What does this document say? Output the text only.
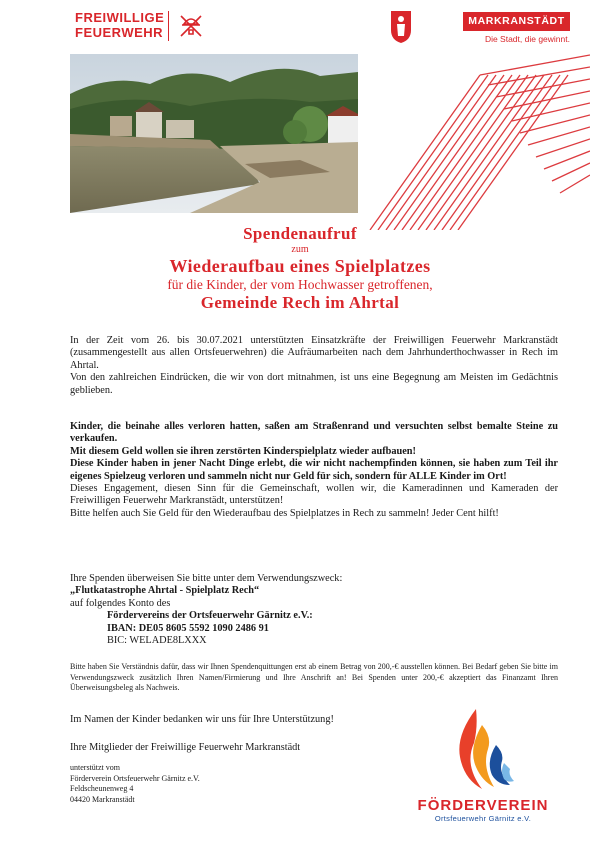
FREIWILLIGE
FEUERWEHR
MARKRANSTÄDT
Die Stadt, die gewinnt.
Spendenaufruf
zum
Wiederaufbau eines Spielplatzes
für die Kinder, der vom Hochwasser getroffenen,
Gemeinde Rech im Ahrtal

In der Zeit vom 26. bis 30.07.2021 unterstützten Einsatzkräfte der Freiwilligen Feuerwehr Markranstädt (zusammengestellt aus allen Ortsfeuerwehren) die Aufräumarbeiten nach dem Jahrhunderthochwasser in Rech im Ahrtal.

Von den zahlreichen Eindrücken, die wir von dort mitnahmen, ist uns eine Begegnung am Meisten im Gedächtnis geblieben.

Kinder, die beinahe alles verloren hatten, saßen am Straßenrand und versuchten selbst bemalte Steine zu verkaufen.

Mit diesem Geld wollen sie ihren zerstörten Kinderspielplatz wieder aufbauen!

Diese Kinder haben in jener Nacht Dinge erlebt, die wir nicht nachempfinden können, sie haben zum Teil ihr eigenes Spielzeug verloren und sammeln nicht nur Geld für sich, sondern für ALLE Kinder im Ort!

Dieses Engagement, diesen Sinn für die Gemeinschaft, wollen wir, die Kameradinnen und Kameraden der Freiwilligen Feuerwehr Markranstädt, unterstützen!

Bitte helfen auch Sie Geld für den Wiederaufbau des Spielplatzes in Rech zu sammeln! Jeder Cent hilft!

Ihre Spenden überweisen Sie bitte unter dem Verwendungszweck:

„Flutkatastrophe Ahrtal - Spielplatz Rech“

auf folgendes Konto des

Fördervereins der Ortsfeuerwehr Gärnitz e.V.:

IBAN: DE05 8605 5592 1090 2486 91

BIC: WELADE8LXXX

Bitte haben Sie Verständnis dafür, dass wir Ihnen Spendenquittungen erst ab einem Betrag von 200,-€ ausstellen können. Bei Bedarf geben Sie bitte im Verwendungszweck zusätzlich Ihren Namen/Firmierung und Ihre Anschrift an! Bei Spenden unter 200,-€ akzeptiert das Finanzamt Ihren Überweisungsbeleg als Nachweis.
Im Namen der Kinder bedanken wir uns für Ihre Unterstützung!
Ihre Mitglieder der Freiwillige Feuerwehr Markranstädt
unterstützt vom
Förderverein Ortsfeuerwehr Gärnitz e.V.
Feldscheunenweg 4
04420 Markranstädt	FÖRDERVEREIN
Ortsfeuerwehr Gärnitz e.V.
